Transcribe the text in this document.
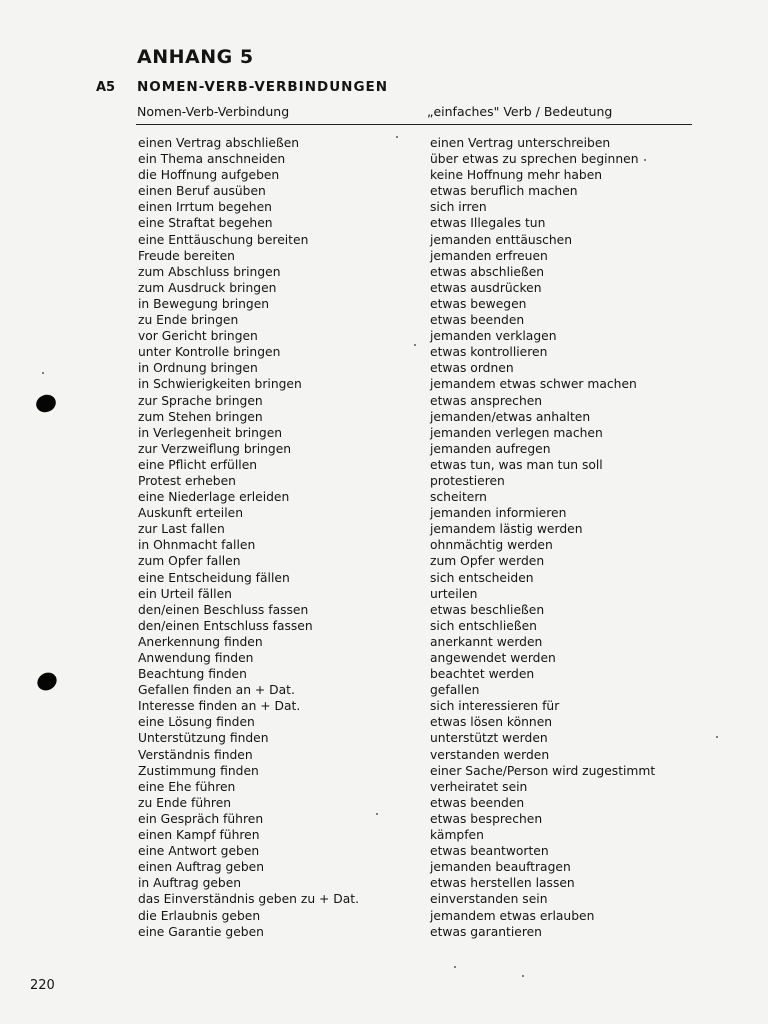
ANHANG 5
A5 NOMEN-VERB-VERBINDUNGEN
Nomen-Verb-Verbindung	„einfaches" Verb / Bedeutung
einen Vertrag abschließen
ein Thema anschneiden
die Hoffnung aufgeben
einen Beruf ausüben
einen Irrtum begehen
eine Straftat begehen
eine Enttäuschung bereiten
Freude bereiten
zum Abschluss bringen
zum Ausdruck bringen
in Bewegung bringen
zu Ende bringen
vor Gericht bringen
unter Kontrolle bringen
in Ordnung bringen
in Schwierigkeiten bringen
zur Sprache bringen
zum Stehen bringen
in Verlegenheit bringen
zur Verzweiflung bringen
eine Pflicht erfüllen
Protest erheben
eine Niederlage erleiden
Auskunft erteilen
zur Last fallen
in Ohnmacht fallen
zum Opfer fallen
eine Entscheidung fällen
ein Urteil fällen
den/einen Beschluss fassen
den/einen Entschluss fassen
Anerkennung finden
Anwendung finden
Beachtung finden
Gefallen finden an + Dat.
Interesse finden an + Dat.
eine Lösung finden
Unterstützung finden
Verständnis finden
Zustimmung finden
eine Ehe führen
zu Ende führen
ein Gespräch führen
einen Kampf führen
eine Antwort geben
einen Auftrag geben
in Auftrag geben
das Einverständnis geben zu + Dat.
die Erlaubnis geben
eine Garantie geben
einen Vertrag unterschreiben
über etwas zu sprechen beginnen
keine Hoffnung mehr haben
etwas beruflich machen
sich irren
etwas Illegales tun
jemanden enttäuschen
jemanden erfreuen
etwas abschließen
etwas ausdrücken
etwas bewegen
etwas beenden
jemanden verklagen
etwas kontrollieren
etwas ordnen
jemandem etwas schwer machen
etwas ansprechen
jemanden/etwas anhalten
jemanden verlegen machen
jemanden aufregen
etwas tun, was man tun soll
protestieren
scheitern
jemanden informieren
jemandem lästig werden
ohnmächtig werden
zum Opfer werden
sich entscheiden
urteilen
etwas beschließen
sich entschließen
anerkannt werden
angewendet werden
beachtet werden
gefallen
sich interessieren für
etwas lösen können
unterstützt werden
verstanden werden
einer Sache/Person wird zugestimmt
verheiratet sein
etwas beenden
etwas besprechen
kämpfen
etwas beantworten
jemanden beauftragen
etwas herstellen lassen
einverstanden sein
jemandem etwas erlauben
etwas garantieren
220
